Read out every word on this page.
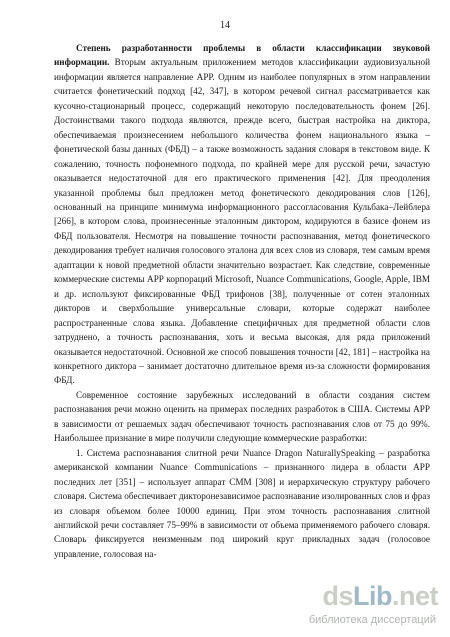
14

Степень разработанности проблемы в области классификации звуковой информации. Вторым актуальным приложением методов классификации аудиовизуальной информации является направление АРР. Одним из наиболее популярных в этом направлении считается фонетический подход [42, 347], в котором речевой сигнал рассматривается как кусочно-стационарный процесс, содержащий некоторую последовательность фонем [26]. Достоинствами такого подхода являются, прежде всего, быстрая настройка на диктора, обеспечиваемая произнесением небольшого количества фонем национального языка – фонетической базы данных (ФБД) – а также возможность задания словаря в текстовом виде. К сожалению, точность пофонемного подхода, по крайней мере для русской речи, зачастую оказывается недостаточной для его практического применения [42]. Для преодоления указанной проблемы был предложен метод фонетического декодирования слов [126], основанный на принципе минимума информационного рассогласования Кульбака–Лейблера [266], в котором слова, произнесенные эталонным диктором, кодируются в базисе фонем из ФБД пользователя. Несмотря на повышение точности распознавания, метод фонетического декодирования требует наличия голосового эталона для всех слов из словаря, тем самым время адаптации к новой предметной области значительно возрастает. Как следствие, современные коммерческие системы АРР корпораций Microsoft, Nuance Communications, Google, Apple, IBM и др. используют фиксированные ФБД трифонов [38], полученные от сотен эталонных дикторов и сверхбольшие универсальные словари, которые содержат наиболее распространенные слова языка. Добавление специфичных для предметной области слов затруднено, а точность распознавания, хоть и весьма высокая, для ряда приложений оказывается недостаточной. Основной же способ повышения точности [42, 181] – настройка на конкретного диктора – занимает достаточно длительное время из-за сложности формирования ФБД.

Современное состояние зарубежных исследований в области создания систем распознавания речи можно оценить на примерах последних разработок в США. Системы АРР в зависимости от решаемых задач обеспечивают точность распознавания слов от 75 до 99%. Наибольшее признание в мире получили следующие коммерческие разработки:

1. Система распознавания слитной речи Nuance Dragon NaturallySpeaking – разработка американской компании Nuance Communications – признанного лидера в области АРР последних лет [351] – использует аппарат СММ [308] и иерархическую структуру рабочего словаря. Система обеспечивает дикторонезависимое распознавание изолированных слов и фраз из словаря объемом более 10000 единиц. При этом точность распознавания слитной английской речи составляет 75–99% в зависимости от объема применяемого рабочего словаря. Словарь фиксируется неизменным под широкий круг прикладных задач (голосовое управление, голосовая на-

dsLib.net
библиотека диссертаций
